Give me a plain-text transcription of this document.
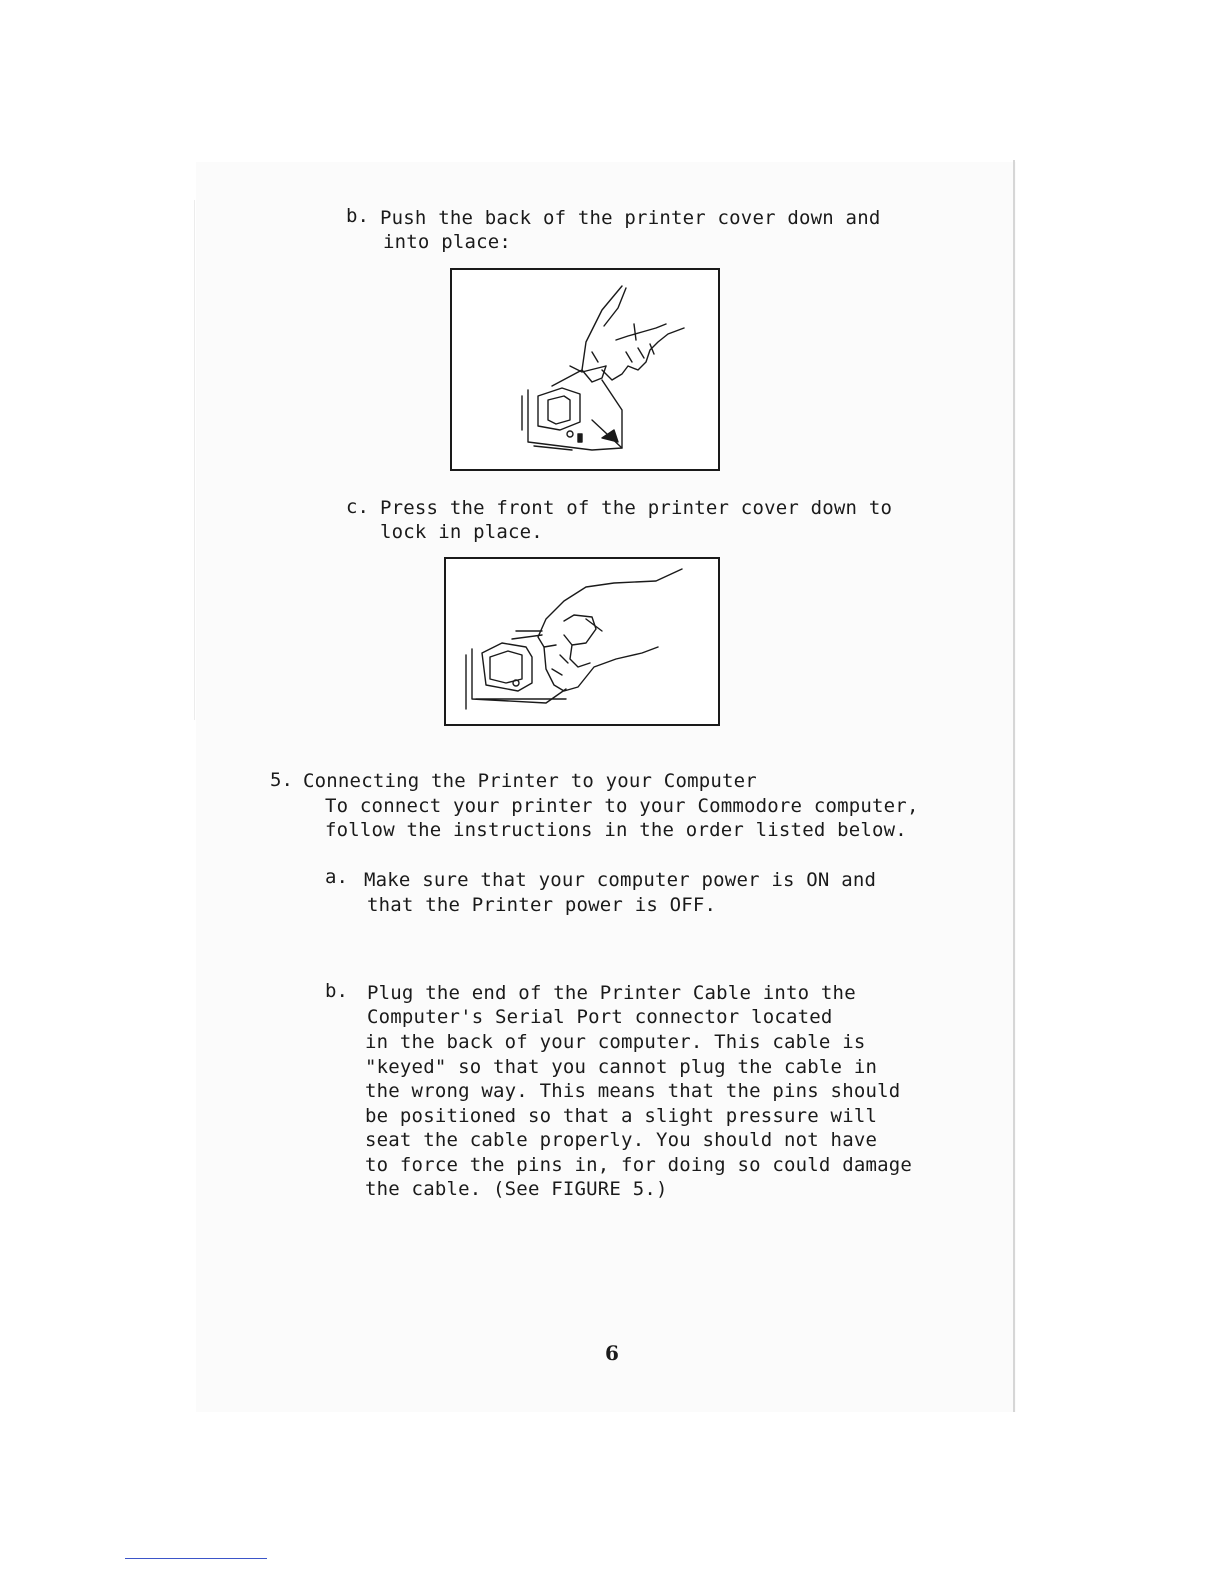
b. Push the back of the printer cover down and

into place:

c. Press the front of the printer cover down to

lock in place.

5. Connecting the Printer to your Computer

To connect your printer to your Commodore computer,

follow the instructions in the order listed below.

a. Make sure that your computer power is ON and

that the Printer power is OFF.

b. Plug the end of the Printer Cable into the

Computer's Serial Port connector located

in the back of your computer. This cable is

"keyed" so that you cannot plug the cable in

the wrong way. This means that the pins should

be positioned so that a slight pressure will

seat the cable properly. You should not have

to force the pins in, for doing so could damage

the cable. (See FIGURE 5.)

6
